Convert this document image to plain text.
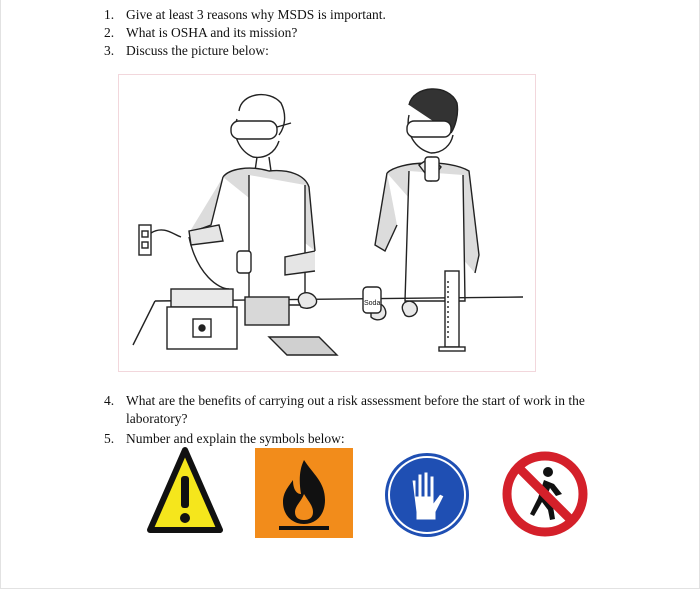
1. Give at least 3 reasons why MSDS is important.
2. What is OSHA and its mission?
3. Discuss the picture below:
Soda
4. What are the benefits of carrying out a risk assessment before the start of work in the laboratory?
5. Number and explain the symbols below:
